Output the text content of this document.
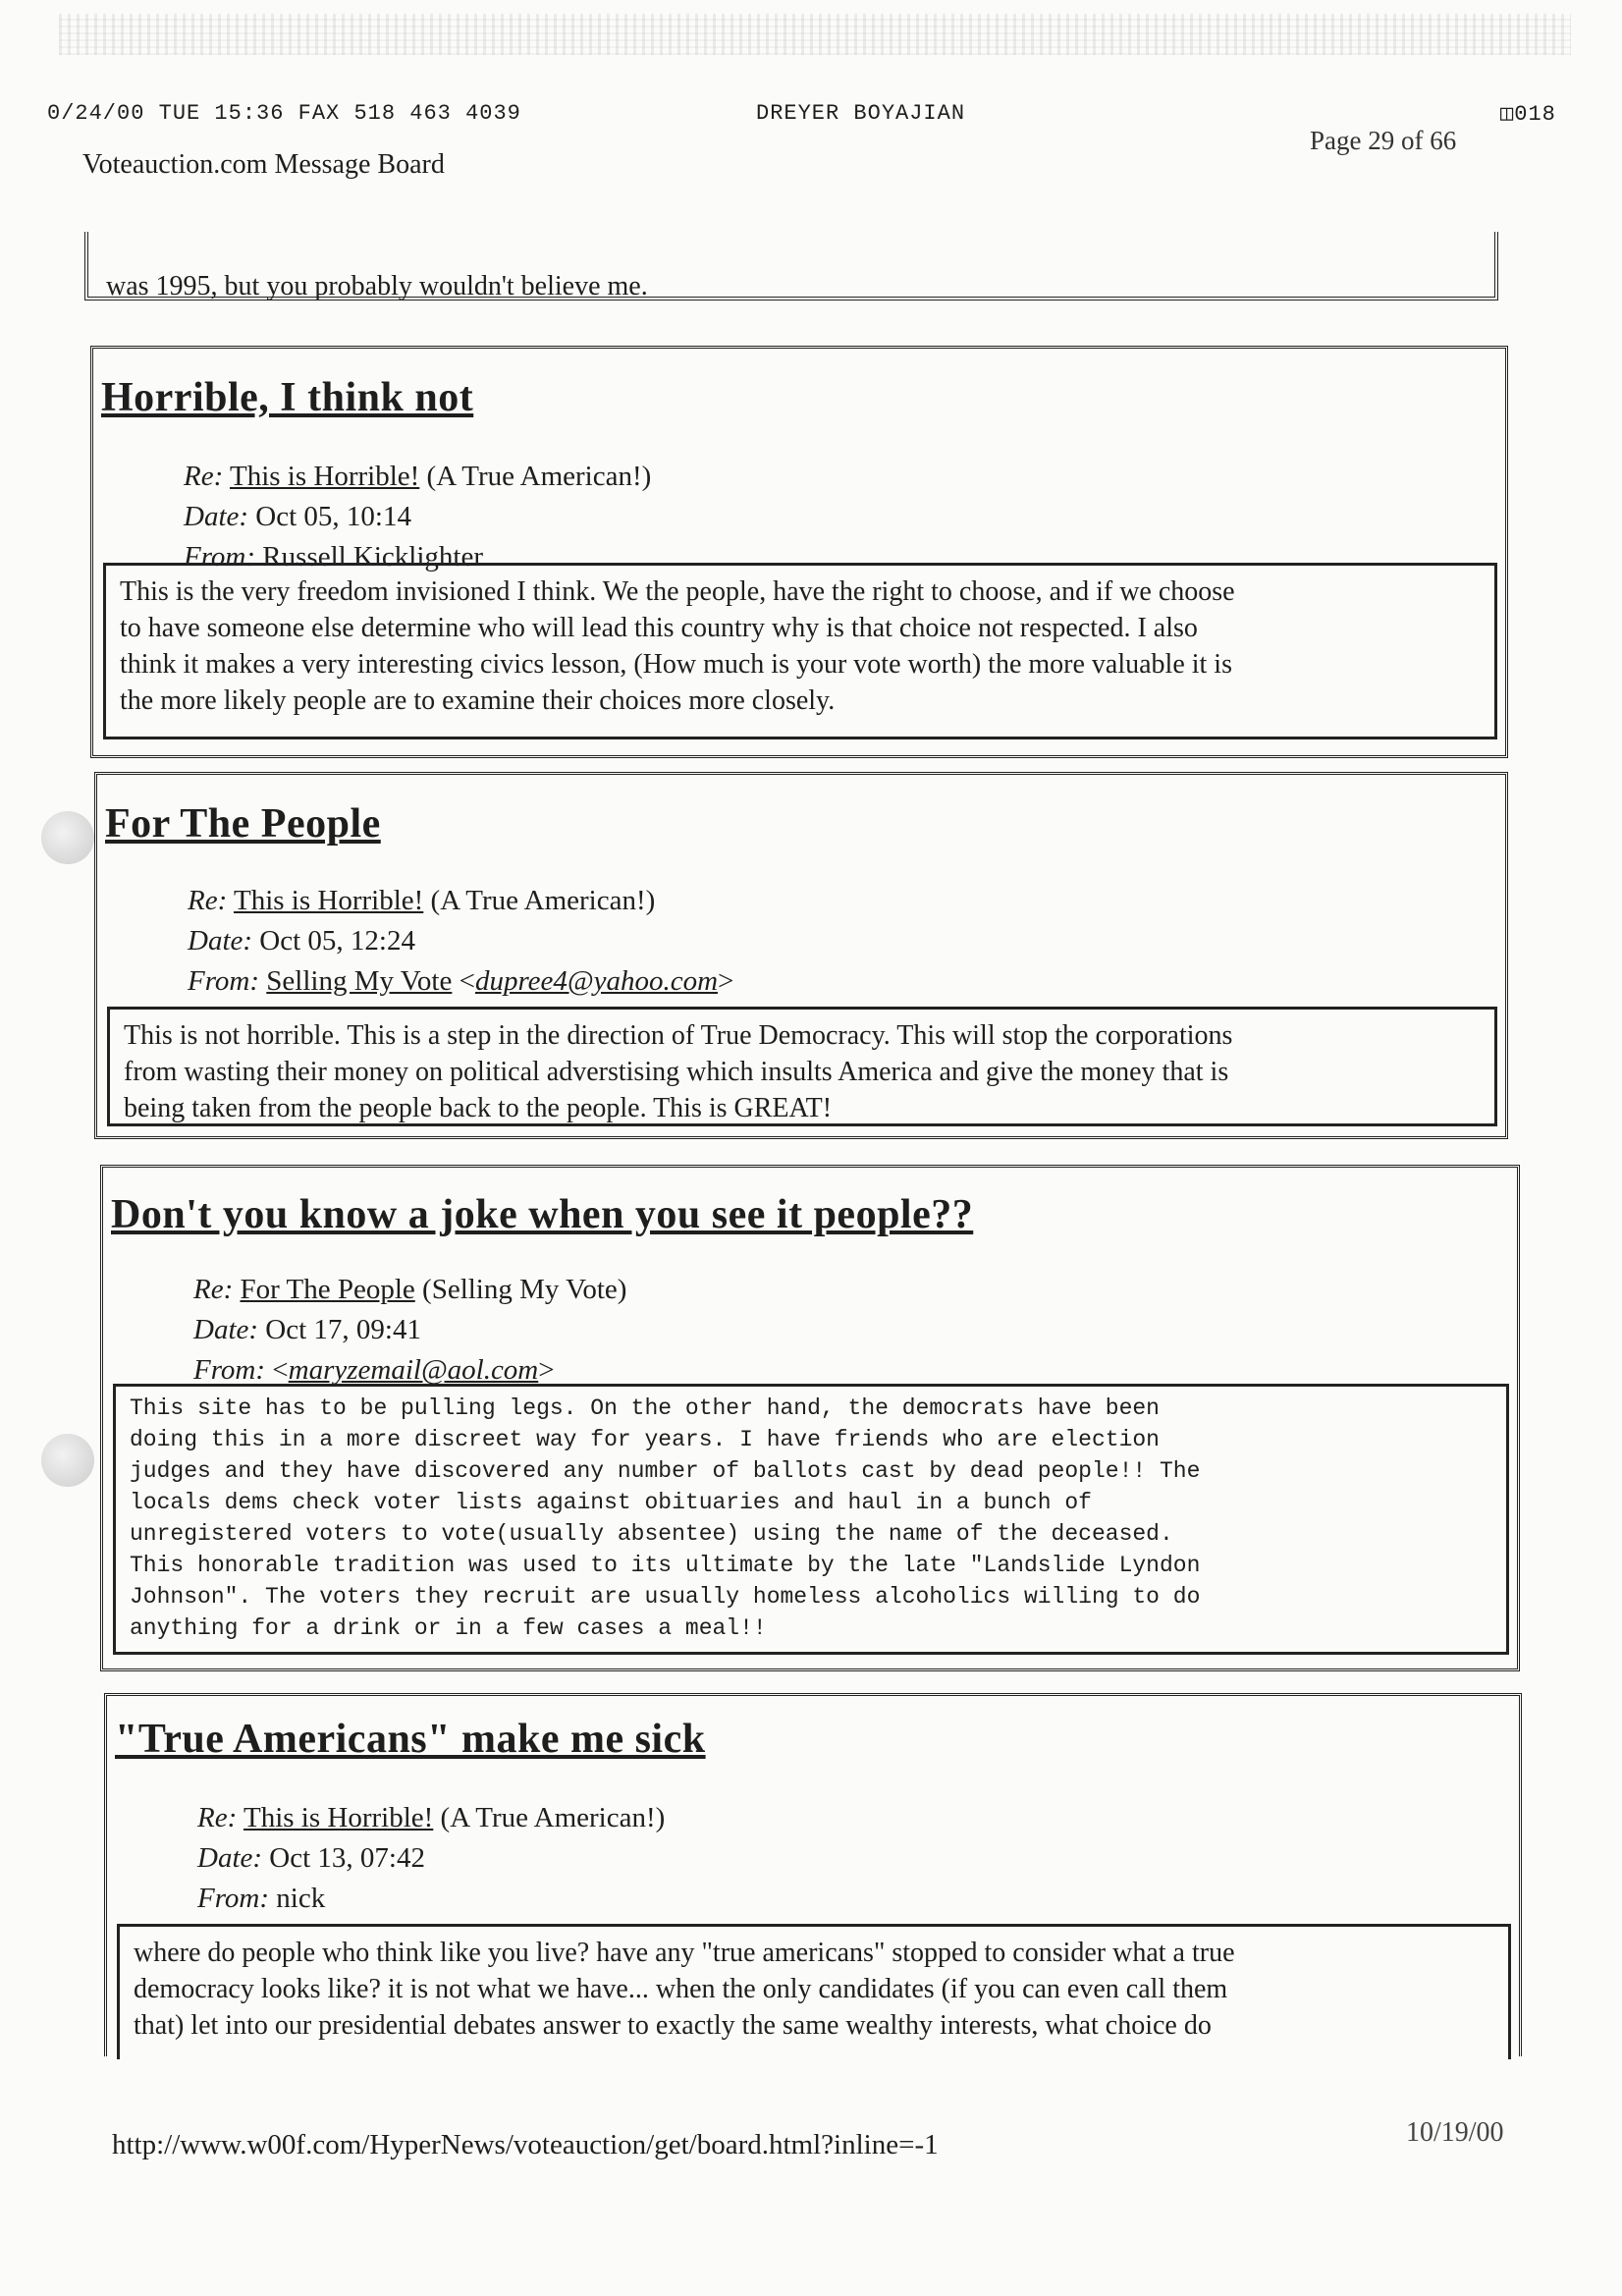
0/24/00 TUE 15:36 FAX 518 463 4039	DREYER BOYAJIAN	◫018
Page 29 of 66
Voteauction.com Message Board
was 1995, but you probably wouldn't believe me.
Horrible, I think not
Re: This is Horrible! (A True American!)
Date: Oct 05, 10:14
From: Russell Kicklighter
This is the very freedom invisioned I think. We the people, have the right to choose, and if we choose
to have someone else determine who will lead this country why is that choice not respected. I also
think it makes a very interesting civics lesson, (How much is your vote worth) the more valuable it is
the more likely people are to examine their choices more closely.
For The People
Re: This is Horrible! (A True American!)
Date: Oct 05, 12:24
From: Selling My Vote <dupree4@yahoo.com>
This is not horrible. This is a step in the direction of True Democracy. This will stop the corporations
from wasting their money on political adverstising which insults America and give the money that is
being taken from the people back to the people. This is GREAT!
Don't you know a joke when you see it people??
Re: For The People (Selling My Vote)
Date: Oct 17, 09:41
From: <maryzemail@aol.com>
This site has to be pulling legs. On the other hand, the democrats have been
doing this in a more discreet way for years. I have friends who are election
judges and they have discovered any number of ballots cast by dead people!! The
locals dems check voter lists against obituaries and haul in a bunch of
unregistered voters to vote(usually absentee) using the name of the deceased.
This honorable tradition was used to its ultimate by the late "Landslide Lyndon
Johnson". The voters they recruit are usually homeless alcoholics willing to do
anything for a drink or in a few cases a meal!!
"True Americans" make me sick
Re: This is Horrible! (A True American!)
Date: Oct 13, 07:42
From: nick
where do people who think like you live? have any "true americans" stopped to consider what a true
democracy looks like? it is not what we have... when the only candidates (if you can even call them
that) let into our presidential debates answer to exactly the same wealthy interests, what choice do
http://www.w00f.com/HyperNews/voteauction/get/board.html?inline=-1	10/19/00
